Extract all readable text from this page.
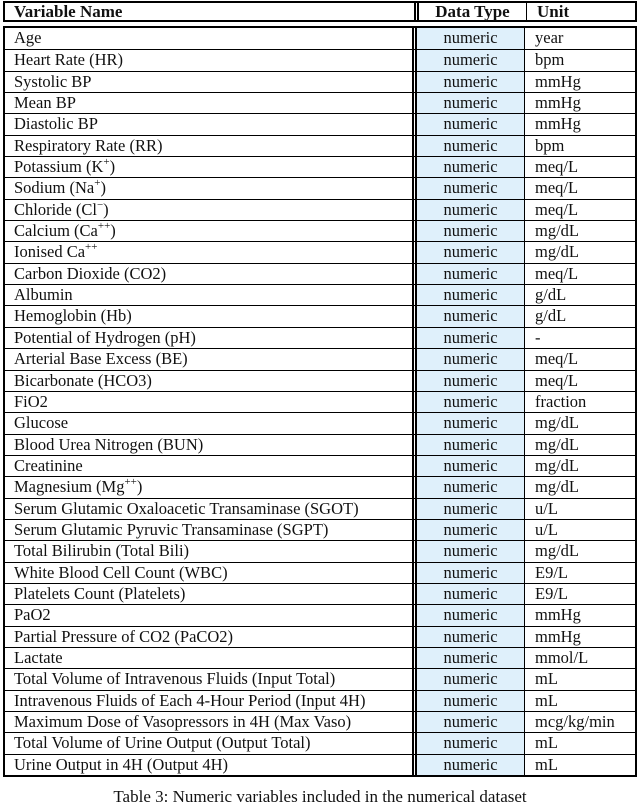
Variable Name	Data Type	Unit
Age	numeric	year
Heart Rate (HR)	numeric	bpm
Systolic BP	numeric	mmHg
Mean BP	numeric	mmHg
Diastolic BP	numeric	mmHg
Respiratory Rate (RR)	numeric	bpm
Potassium (K+)	numeric	meq/L
Sodium (Na+)	numeric	meq/L
Chloride (Cl−)	numeric	meq/L
Calcium (Ca++)	numeric	mg/dL
Ionised Ca++	numeric	mg/dL
Carbon Dioxide (CO2)	numeric	meq/L
Albumin	numeric	g/dL
Hemoglobin (Hb)	numeric	g/dL
Potential of Hydrogen (pH)	numeric	-
Arterial Base Excess (BE)	numeric	meq/L
Bicarbonate (HCO3)	numeric	meq/L
FiO2	numeric	fraction
Glucose	numeric	mg/dL
Blood Urea Nitrogen (BUN)	numeric	mg/dL
Creatinine	numeric	mg/dL
Magnesium (Mg++)	numeric	mg/dL
Serum Glutamic Oxaloacetic Transaminase (SGOT)	numeric	u/L
Serum Glutamic Pyruvic Transaminase (SGPT)	numeric	u/L
Total Bilirubin (Total Bili)	numeric	mg/dL
White Blood Cell Count (WBC)	numeric	E9/L
Platelets Count (Platelets)	numeric	E9/L
PaO2	numeric	mmHg
Partial Pressure of CO2 (PaCO2)	numeric	mmHg
Lactate	numeric	mmol/L
Total Volume of Intravenous Fluids (Input Total)	numeric	mL
Intravenous Fluids of Each 4-Hour Period (Input 4H)	numeric	mL
Maximum Dose of Vasopressors in 4H (Max Vaso)	numeric	mcg/kg/min
Total Volume of Urine Output (Output Total)	numeric	mL
Urine Output in 4H (Output 4H)	numeric	mL
Table 3: Numeric variables included in the numerical dataset
